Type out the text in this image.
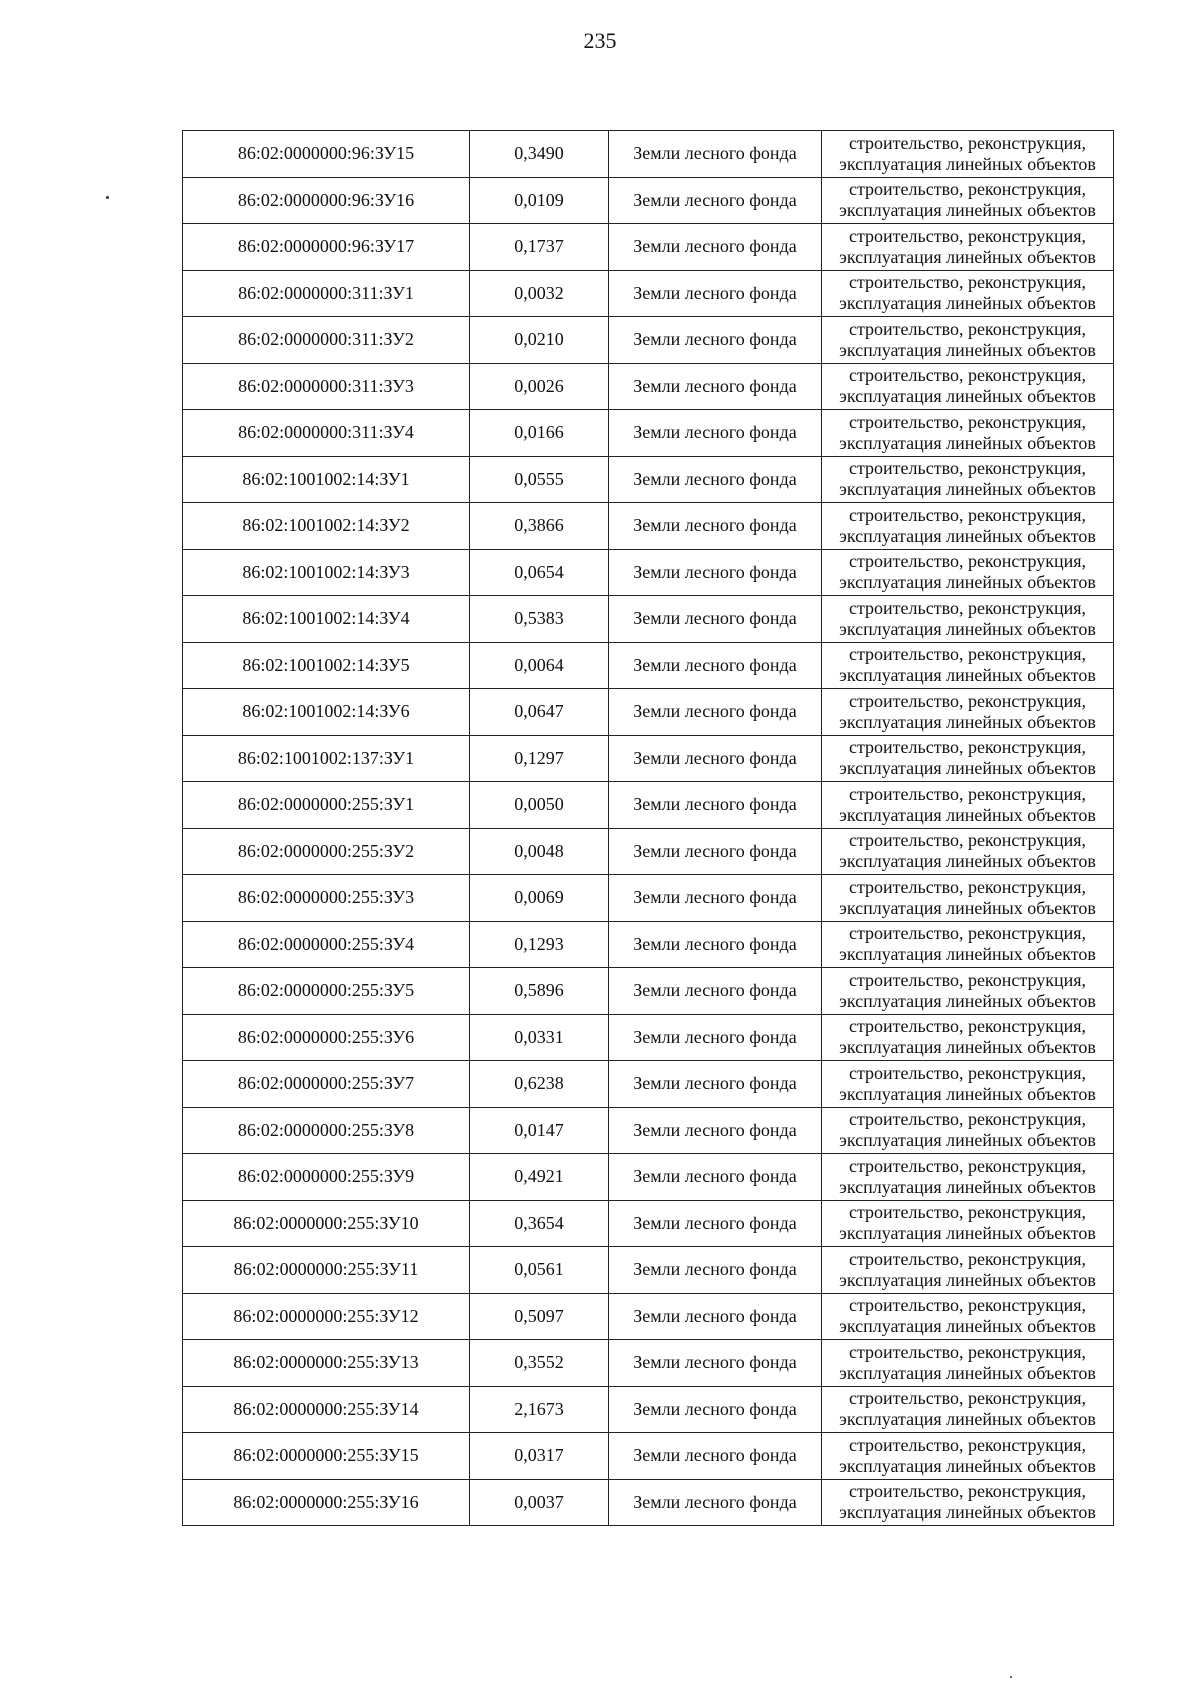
235
86:02:0000000:96:ЗУ15	0,3490	Земли лесного фонда	строительство, реконструкция,
эксплуатация линейных объектов

86:02:0000000:96:ЗУ16	0,0109	Земли лесного фонда	строительство, реконструкция,
эксплуатация линейных объектов

86:02:0000000:96:ЗУ17	0,1737	Земли лесного фонда	строительство, реконструкция,
эксплуатация линейных объектов

86:02:0000000:311:ЗУ1	0,0032	Земли лесного фонда	строительство, реконструкция,
эксплуатация линейных объектов

86:02:0000000:311:ЗУ2	0,0210	Земли лесного фонда	строительство, реконструкция,
эксплуатация линейных объектов

86:02:0000000:311:ЗУ3	0,0026	Земли лесного фонда	строительство, реконструкция,
эксплуатация линейных объектов

86:02:0000000:311:ЗУ4	0,0166	Земли лесного фонда	строительство, реконструкция,
эксплуатация линейных объектов

86:02:1001002:14:ЗУ1	0,0555	Земли лесного фонда	строительство, реконструкция,
эксплуатация линейных объектов

86:02:1001002:14:ЗУ2	0,3866	Земли лесного фонда	строительство, реконструкция,
эксплуатация линейных объектов

86:02:1001002:14:ЗУ3	0,0654	Земли лесного фонда	строительство, реконструкция,
эксплуатация линейных объектов

86:02:1001002:14:ЗУ4	0,5383	Земли лесного фонда	строительство, реконструкция,
эксплуатация линейных объектов

86:02:1001002:14:ЗУ5	0,0064	Земли лесного фонда	строительство, реконструкция,
эксплуатация линейных объектов

86:02:1001002:14:ЗУ6	0,0647	Земли лесного фонда	строительство, реконструкция,
эксплуатация линейных объектов

86:02:1001002:137:ЗУ1	0,1297	Земли лесного фонда	строительство, реконструкция,
эксплуатация линейных объектов

86:02:0000000:255:ЗУ1	0,0050	Земли лесного фонда	строительство, реконструкция,
эксплуатация линейных объектов

86:02:0000000:255:ЗУ2	0,0048	Земли лесного фонда	строительство, реконструкция,
эксплуатация линейных объектов

86:02:0000000:255:ЗУ3	0,0069	Земли лесного фонда	строительство, реконструкция,
эксплуатация линейных объектов

86:02:0000000:255:ЗУ4	0,1293	Земли лесного фонда	строительство, реконструкция,
эксплуатация линейных объектов

86:02:0000000:255:ЗУ5	0,5896	Земли лесного фонда	строительство, реконструкция,
эксплуатация линейных объектов

86:02:0000000:255:ЗУ6	0,0331	Земли лесного фонда	строительство, реконструкция,
эксплуатация линейных объектов

86:02:0000000:255:ЗУ7	0,6238	Земли лесного фонда	строительство, реконструкция,
эксплуатация линейных объектов

86:02:0000000:255:ЗУ8	0,0147	Земли лесного фонда	строительство, реконструкция,
эксплуатация линейных объектов

86:02:0000000:255:ЗУ9	0,4921	Земли лесного фонда	строительство, реконструкция,
эксплуатация линейных объектов

86:02:0000000:255:ЗУ10	0,3654	Земли лесного фонда	строительство, реконструкция,
эксплуатация линейных объектов

86:02:0000000:255:ЗУ11	0,0561	Земли лесного фонда	строительство, реконструкция,
эксплуатация линейных объектов

86:02:0000000:255:ЗУ12	0,5097	Земли лесного фонда	строительство, реконструкция,
эксплуатация линейных объектов

86:02:0000000:255:ЗУ13	0,3552	Земли лесного фонда	строительство, реконструкция,
эксплуатация линейных объектов

86:02:0000000:255:ЗУ14	2,1673	Земли лесного фонда	строительство, реконструкция,
эксплуатация линейных объектов

86:02:0000000:255:ЗУ15	0,0317	Земли лесного фонда	строительство, реконструкция,
эксплуатация линейных объектов

86:02:0000000:255:ЗУ16	0,0037	Земли лесного фонда	строительство, реконструкция,
эксплуатация линейных объектов
